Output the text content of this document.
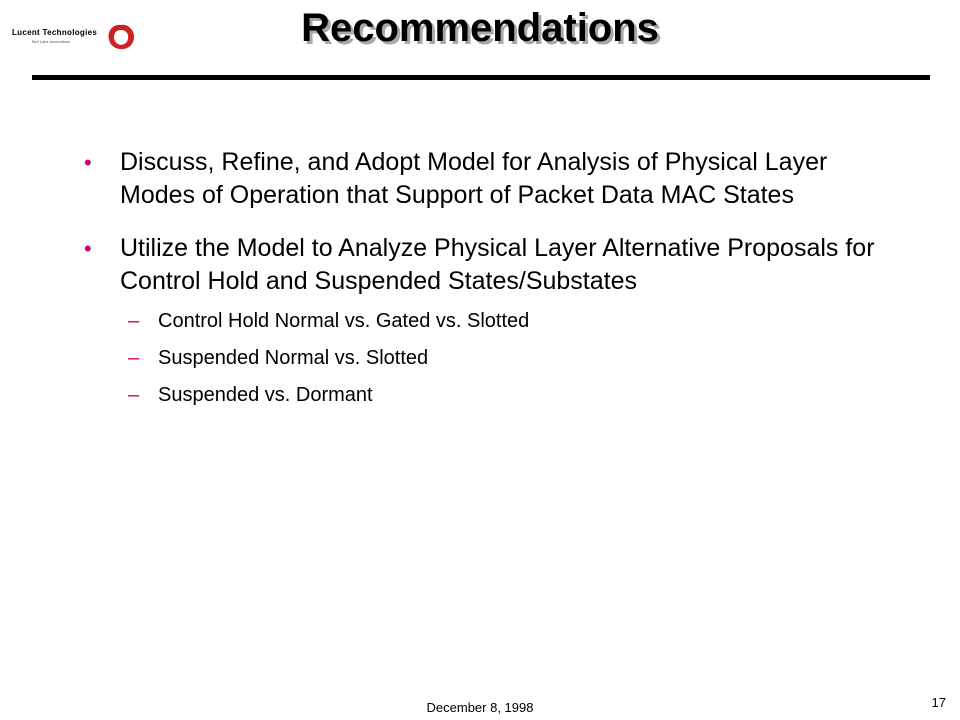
Lucent Technologies
Bell Labs Innovations	Recommendations
• Discuss, Refine, and Adopt Model for Analysis of Physical Layer Modes of Operation that Support of Packet Data MAC States
• Utilize the Model to Analyze Physical Layer Alternative Proposals for Control Hold and Suspended States/Substates
– Control Hold Normal vs. Gated vs. Slotted
– Suspended Normal vs. Slotted
– Suspended vs. Dormant
December 8, 1998	17
